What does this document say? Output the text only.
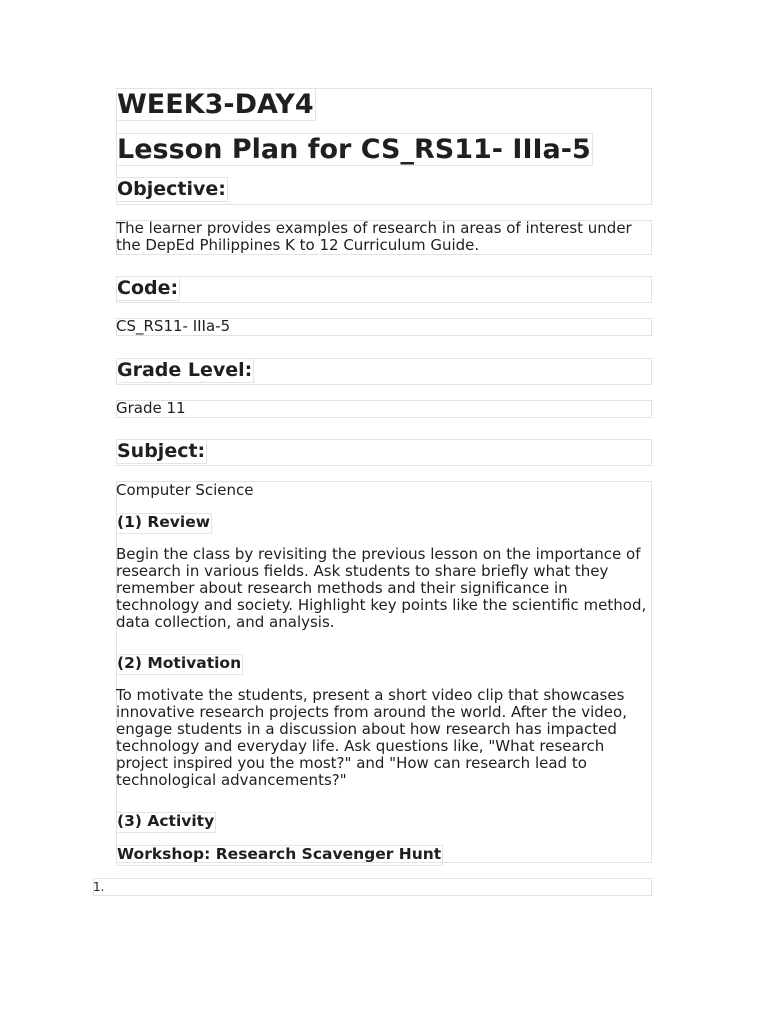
WEEK3-DAY4
Lesson Plan for CS_RS11- IIIa-5
Objective:

The learner provides examples of research in areas of interest under the DepEd Philippines K to 12 Curriculum Guide.

Code:
CS_RS11- IIIa-5
Grade Level:
Grade 11
Subject:
Computer Science
(1) Review

Begin the class by revisiting the previous lesson on the importance of research in various fields. Ask students to share briefly what they remember about research methods and their significance in technology and society. Highlight key points like the scientific method, data collection, and analysis.

(2) Motivation

To motivate the students, present a short video clip that showcases innovative research projects from around the world. After the video, engage students in a discussion about how research has impacted technology and everyday life. Ask questions like, "What research project inspired you the most?" and "How can research lead to technological advancements?"

(3) Activity
Workshop: Research Scavenger Hunt
1.
